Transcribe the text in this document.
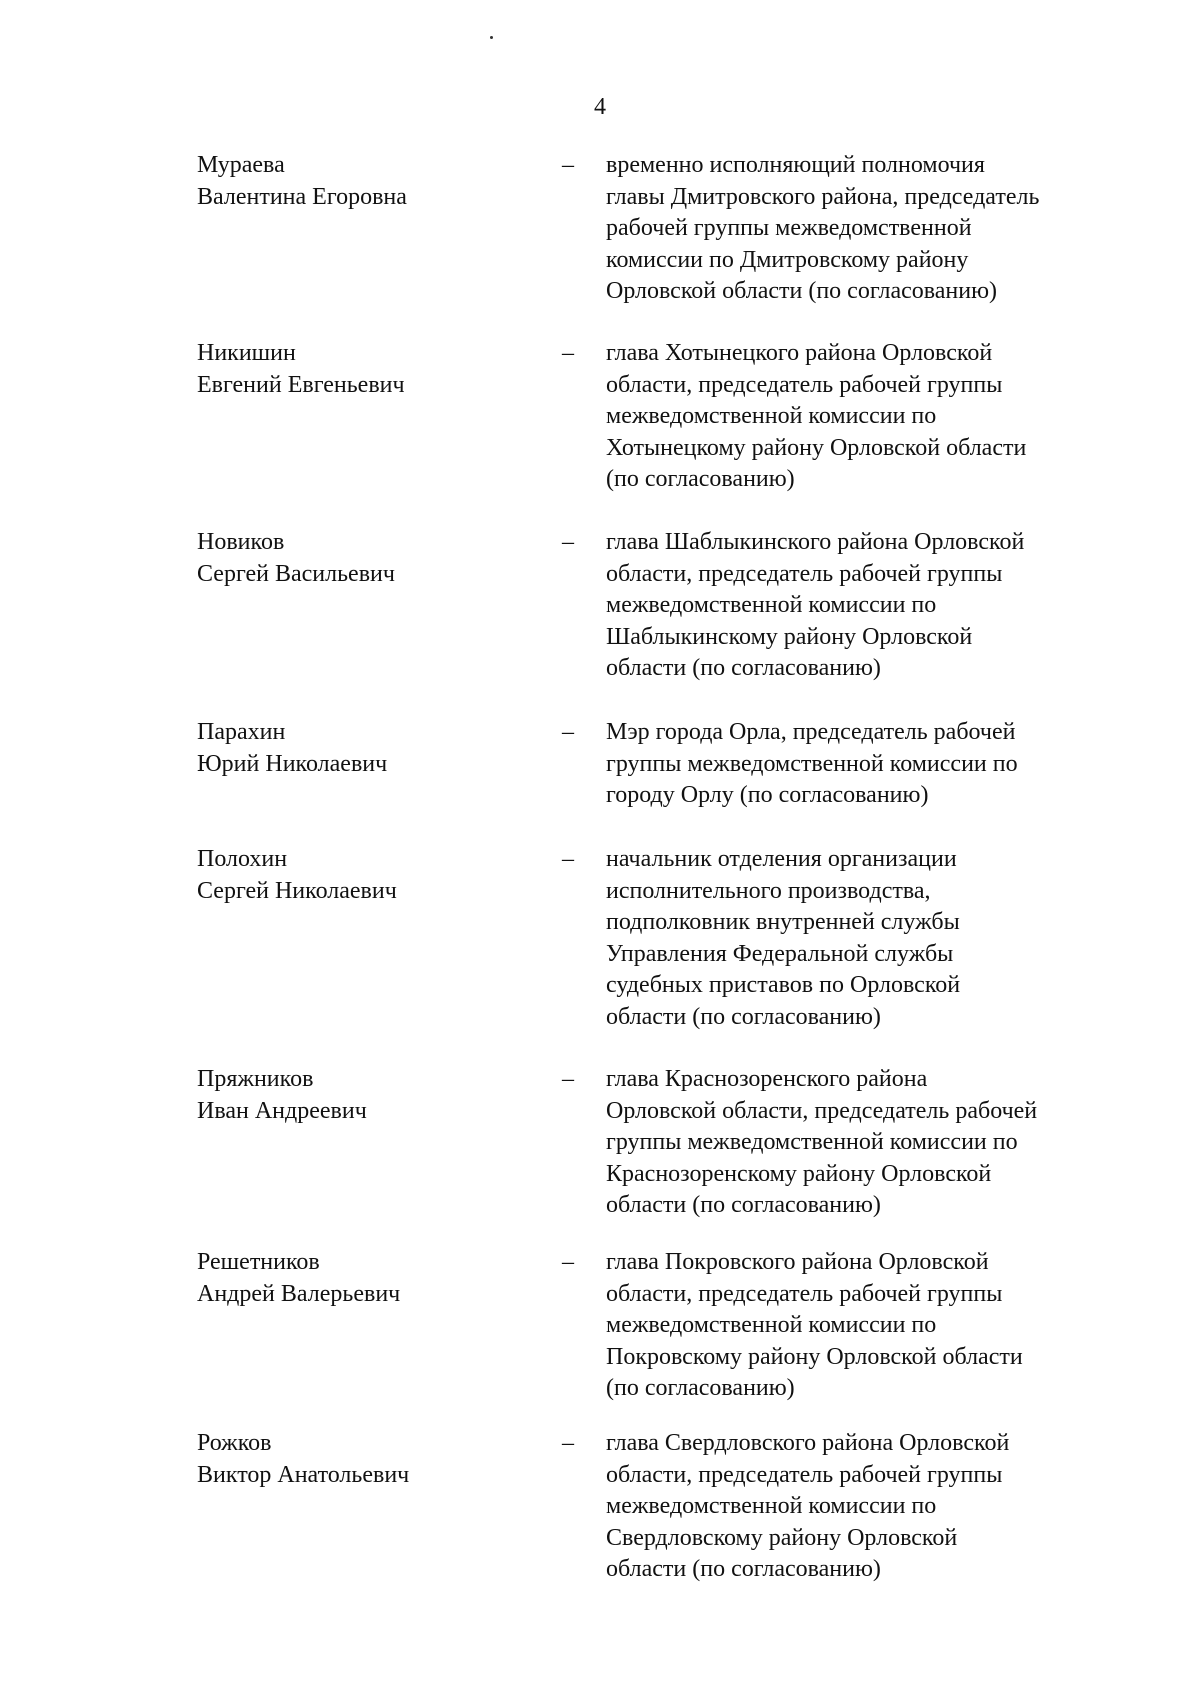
4
Мураева
Валентина Егоровна
– временно исполняющий полномочия
главы Дмитровского района, председатель
рабочей группы межведомственной
комиссии по Дмитровскому району
Орловской области (по согласованию)
Никишин
Евгений Евгеньевич
– глава Хотынецкого района Орловской
области, председатель рабочей группы
межведомственной комиссии по
Хотынецкому району Орловской области
(по согласованию)
Новиков
Сергей Васильевич
– глава Шаблыкинского района Орловской
области, председатель рабочей группы
межведомственной комиссии по
Шаблыкинскому району Орловской
области (по согласованию)
Парахин
Юрий Николаевич
– Мэр города Орла, председатель рабочей
группы межведомственной комиссии по
городу Орлу (по согласованию)
Полохин
Сергей Николаевич
– начальник отделения организации
исполнительного производства,
подполковник внутренней службы
Управления Федеральной службы
судебных приставов по Орловской
области (по согласованию)
Пряжников
Иван Андреевич
– глава Краснозоренского района
Орловской области, председатель рабочей
группы межведомственной комиссии по
Краснозоренскому району Орловской
области (по согласованию)
Решетников
Андрей Валерьевич
– глава Покровского района Орловской
области, председатель рабочей группы
межведомственной комиссии по
Покровскому району Орловской области
(по согласованию)
Рожков
Виктор Анатольевич
– глава Свердловского района Орловской
области, председатель рабочей группы
межведомственной комиссии по
Свердловскому району Орловской
области (по согласованию)
